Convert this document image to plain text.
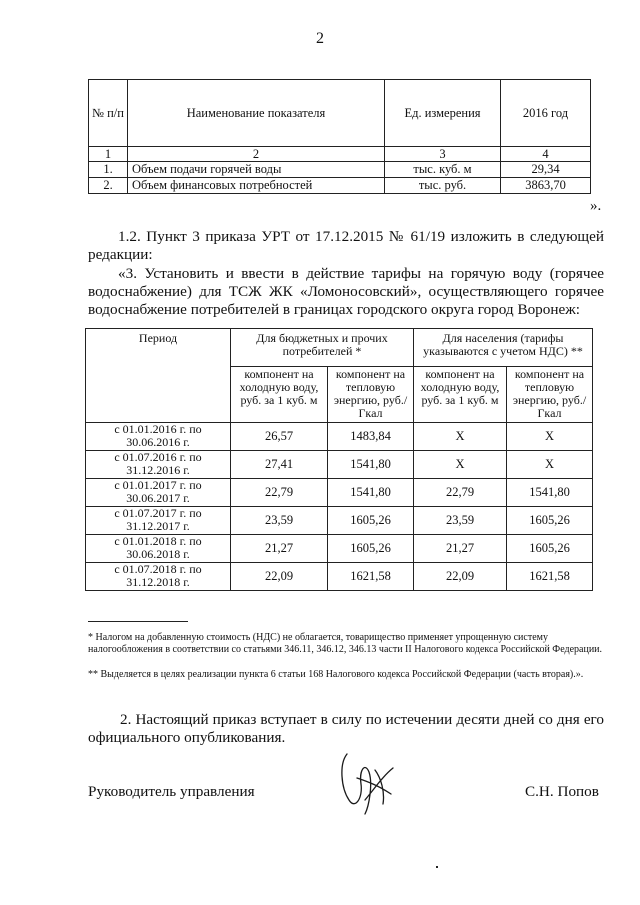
2
№ п/п	Наименование показателя	Ед. измерения	2016 год
1	2	3	4
1.	Объем подачи горячей воды	тыс. куб. м	29,34
2.	Объем финансовых потребностей	тыс. руб.	3863,70
».
1.2. Пункт 3 приказа УРТ от 17.12.2015 № 61/19 изложить в следующей редакции:
«3. Установить и ввести в действие тарифы на горячую воду (горячее водоснабжение) для ТСЖ ЖК «Ломоносовский», осуществляющего горячее водоснабжение потребителей в границах городского округа город Воронеж:
Период	Для бюджетных и прочих потребителей *		Для населения (тарифы указываются с учетом НДС) **	
	компонент на холодную воду, руб. за 1 куб. м	компонент на тепловую энергию, руб./Гкал	компонент на холодную воду, руб. за 1 куб. м	компонент на тепловую энергию, руб./Гкал
с 01.01.2016 г. по 30.06.2016 г.	26,57	1483,84	X	X
с 01.07.2016 г. по 31.12.2016 г.	27,41	1541,80	X	X
с 01.01.2017 г. по 30.06.2017 г.	22,79	1541,80	22,79	1541,80
с 01.07.2017 г. по 31.12.2017 г.	23,59	1605,26	23,59	1605,26
с 01.01.2018 г. по 30.06.2018 г.	21,27	1605,26	21,27	1605,26
с 01.07.2018 г. по 31.12.2018 г.	22,09	1621,58	22,09	1621,58
* Налогом на добавленную стоимость (НДС) не облагается, товарищество применяет упрощенную систему налогообложения в соответствии со статьями 346.11, 346.12, 346.13 части II Налогового кодекса Российской Федерации.
** Выделяется в целях реализации пункта 6 статьи 168 Налогового кодекса Российской Федерации (часть вторая).».
2. Настоящий приказ вступает в силу по истечении десяти дней со дня его официального опубликования.
Руководитель управления	С.Н. Попов
